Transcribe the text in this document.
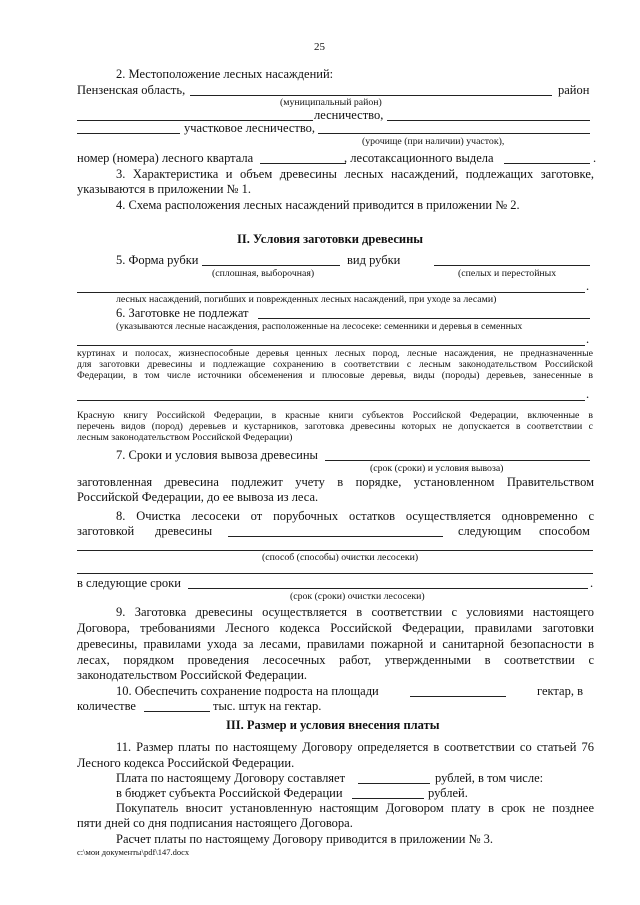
25
2. Местоположение лесных насаждений:
Пензенская область,	район
(муниципальный район)
лесничество,
участковое лесничество,
(урочище (при наличии) участок),
номер (номера) лесного квартала	, лесотаксационного выдела	.
3. Характеристика и объем древесины лесных насаждений, подлежащих заготовке,
указываются в приложении № 1.
4. Схема расположения лесных насаждений приводится в приложении № 2.
II. Условия заготовки древесины
5. Форма рубки	вид рубки
(сплошная, выборочная)	(спелых и перестойных
.
лесных насаждений, погибших и поврежденных лесных насаждений, при уходе за лесами)
6. Заготовке не подлежат
(указываются лесные насаждения, расположенные на лесосеке: семенники и деревья в семенных
.
куртинах и полосах, жизнеспособные деревья ценных лесных пород, лесные насаждения, не предназначенные
для заготовки древесины и подлежащие сохранению в соответствии с лесным законодательством Российской
Федерации, в том числе источники обсеменения и плюсовые деревья, виды (породы) деревьев, занесенные в
.
Красную книгу Российской Федерации, в красные книги субъектов Российской Федерации, включенные в
перечень видов (пород) деревьев и кустарников, заготовка древесины которых не допускается в соответствии с
лесным законодательством Российской Федерации)
7. Сроки и условия вывоза древесины
(срок (сроки) и условия вывоза)
заготовленная древесина подлежит учету в порядке, установленном Правительством
Российской Федерации, до ее вывоза из леса.
8. Очистка лесосеки от порубочных остатков осуществляется одновременно с
заготовкой древесины	следующим способом
(способ (способы) очистки лесосеки)
в следующие сроки	.
(срок (сроки) очистки лесосеки)
9. Заготовка древесины осуществляется в соответствии с условиями настоящего
Договора, требованиями Лесного кодекса Российской Федерации, правилами заготовки
древесины, правилами ухода за лесами, правилами пожарной и санитарной безопасности в
лесах, порядком проведения лесосечных работ, утвержденными в соответствии с
законодательством Российской Федерации.
10. Обеспечить сохранение подроста на площади	гектар, в
количестве	тыс. штук на гектар.
III. Размер и условия внесения платы
11. Размер платы по настоящему Договору определяется в соответствии со статьей 76
Лесного кодекса Российской Федерации.
Плата по настоящему Договору составляет	рублей, в том числе:
в бюджет субъекта Российской Федерации	рублей.
Покупатель вносит установленную настоящим Договором плату в срок не позднее
пяти дней со дня подписания настоящего Договора.
Расчет платы по настоящему Договору приводится в приложении № 3.
c:\мои документы\pdf\147.docx
